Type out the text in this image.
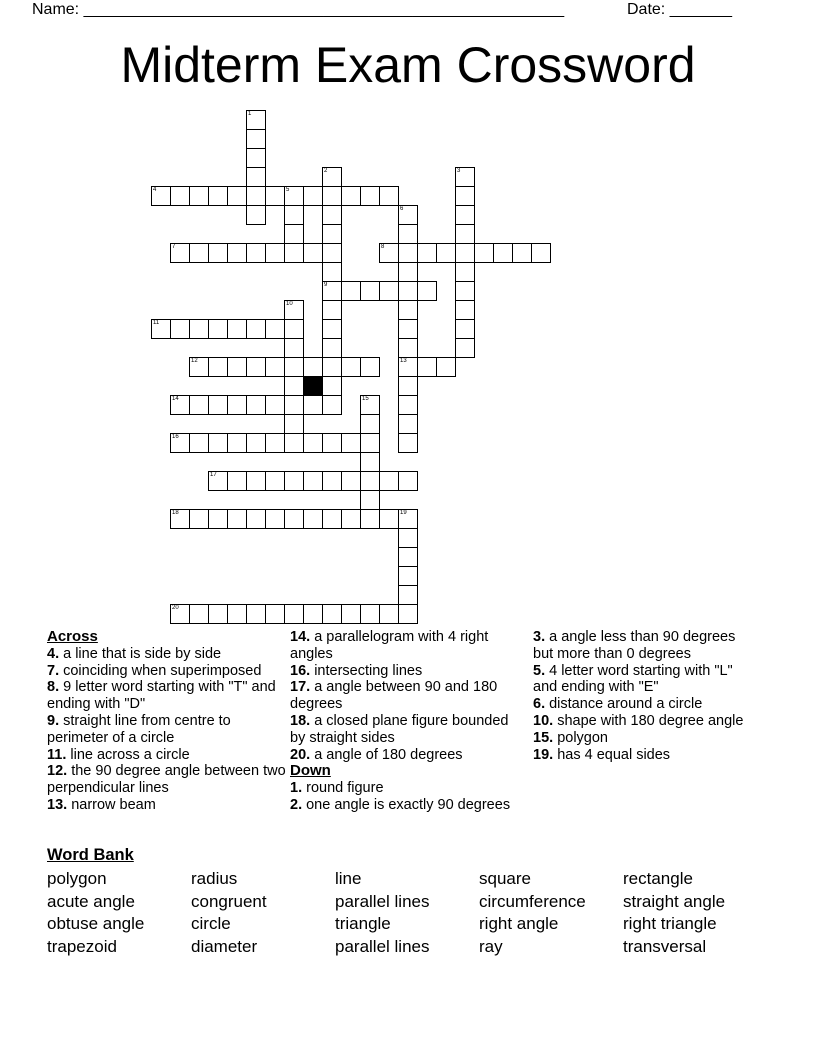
Name: ______________________________________________________	Date: _______
Midterm Exam Crossword
1
2
9
3
4	5
6
13
7	8
10
11
12
14	15
16
17
18	19
20
Across
4. a line that is side by side
7. coinciding when superimposed
8. 9 letter word starting with "T" and ending with "D"
9. straight line from centre to perimeter of a circle
11. line across a circle
12. the 90 degree angle between two perpendicular lines
13. narrow beam
14. a parallelogram with 4 right angles
16. intersecting lines
17. a angle between 90 and 180 degrees
18. a closed plane figure bounded by straight sides
20. a angle of 180 degrees
Down
1. round figure
2. one angle is exactly 90 degrees
3. a angle less than 90 degrees but more than 0 degrees
5. 4 letter word starting with "L" and ending with "E"
6. distance around a circle
10. shape with 180 degree angle
15. polygon
19. has 4 equal sides
Word Bank
polygon	radius	line	square	rectangle
acute angle	congruent	parallel lines	circumference	straight angle
obtuse angle	circle	triangle	right angle	right triangle
trapezoid	diameter	parallel lines	ray	transversal
